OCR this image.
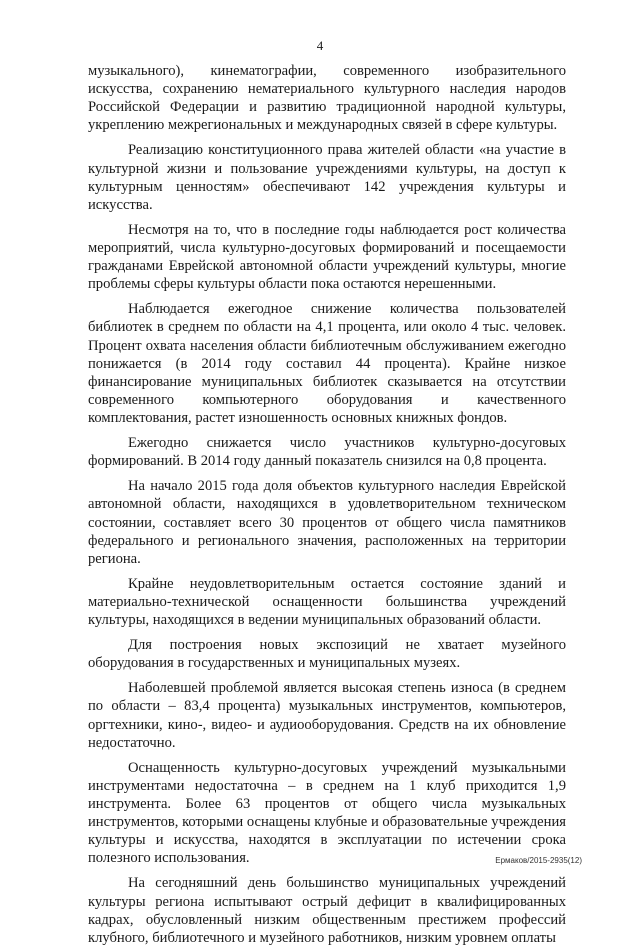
4

музыкального), кинематографии, современного изобразительного искусства, сохранению нематериального культурного наследия народов Российской Федерации и развитию традиционной народной культуры, укреплению межрегиональных и международных связей в сфере культуры.

Реализацию конституционного права жителей области «на участие в культурной жизни и пользование учреждениями культуры, на доступ к культурным ценностям» обеспечивают 142 учреждения культуры и искусства.

Несмотря на то, что в последние годы наблюдается рост количества мероприятий, числа культурно-досуговых формирований и посещаемости гражданами Еврейской автономной области учреждений культуры, многие проблемы сферы культуры области пока остаются нерешенными.

Наблюдается ежегодное снижение количества пользователей библиотек в среднем по области на 4,1 процента, или около 4 тыс. человек. Процент охвата населения области библиотечным обслуживанием ежегодно понижается (в 2014 году составил 44 процента). Крайне низкое финансирование муниципальных библиотек сказывается на отсутствии современного компьютерного оборудования и качественного комплектования, растет изношенность основных книжных фондов.

Ежегодно снижается число участников культурно-досуговых формирований. В 2014 году данный показатель снизился на 0,8 процента.

На начало 2015 года доля объектов культурного наследия Еврейской автономной области, находящихся в удовлетворительном техническом состоянии, составляет всего 30 процентов от общего числа памятников федерального и регионального значения, расположенных на территории региона.

Крайне неудовлетворительным остается состояние зданий и материально-технической оснащенности большинства учреждений культуры, находящихся в ведении муниципальных образований области.

Для построения новых экспозиций не хватает музейного оборудования в государственных и муниципальных музеях.

Наболевшей проблемой является высокая степень износа (в среднем по области – 83,4 процента) музыкальных инструментов, компьютеров, оргтехники, кино-, видео- и аудиооборудования. Средств на их обновление недостаточно.

Оснащенность культурно-досуговых учреждений музыкальными инструментами недостаточна – в среднем на 1 клуб приходится 1,9 инструмента. Более 63 процентов от общего числа музыкальных инструментов, которыми оснащены клубные и образовательные учреждения культуры и искусства, находятся в эксплуатации по истечении срока полезного использования.

На сегодняшний день большинство муниципальных учреждений культуры региона испытывают острый дефицит в квалифицированных кадрах, обусловленный низким общественным престижем профессий клубного, библиотечного и музейного работников, низким уровнем оплаты

Ермаков/2015-2935(12)
